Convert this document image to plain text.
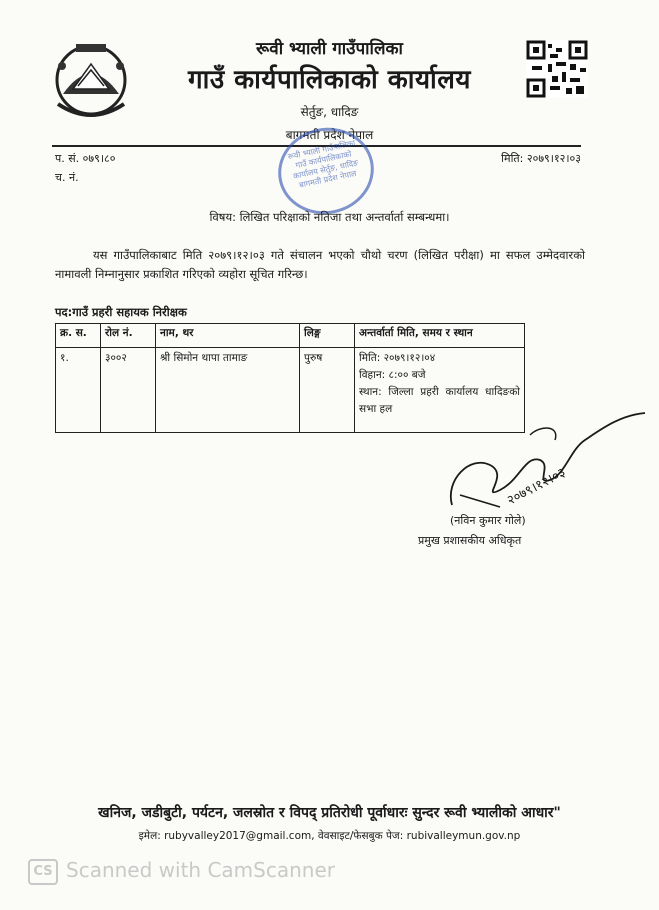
रूवी भ्याली गाउँपालिका
गाउँ कार्यपालिकाको कार्यालय
सेर्तुङ, धादिङ
बागमती प्रदेश नेपाल
प. सं. ०७९।८०
च. नं.
मिति: २०७९।१२।०३
रूवी भ्याली गाउँपालिका गाउँ कार्यपालिकाको कार्यालय सेर्तुङ, धादिङ बागमती प्रदेश नेपाल
विषय: लिखित परिक्षाको नतिजा तथा अन्तर्वार्ता सम्बन्धमा।
यस गाउँपालिकाबाट मिति २०७९।१२।०३ गते संचालन भएको चौथो चरण (लिखित परीक्षा) मा सफल उम्मेदवारको नामावली निम्नानुसार प्रकाशित गरिएको व्यहोरा सूचित गरिन्छ।
पद:गाउँ प्रहरी सहायक निरीक्षक
क्र. स.	रोल नं.	नाम, थर	लिङ्ग	अन्तर्वार्ता मिति, समय र स्थान
१.	३००२	श्री सिमोन थापा तामाङ	पुरुष	मिति: २०७९।१२।०४
विहान: ८:०० बजे
स्थान: जिल्ला प्रहरी कार्यालय धादिङको सभा हल
२०७९।१२।०३
(नविन कुमार गोले)
प्रमुख प्रशासकीय अधिकृत
खनिज, जडीबुटी, पर्यटन, जलस्रोत र विपद् प्रतिरोधी पूर्वाधारः सुन्दर रूवी भ्यालीको आधार"
इमेल: rubyvalley2017@gmail.com, वेवसाइट/फेसबुक पेज: rubivalleymun.gov.np
CS Scanned with CamScanner
